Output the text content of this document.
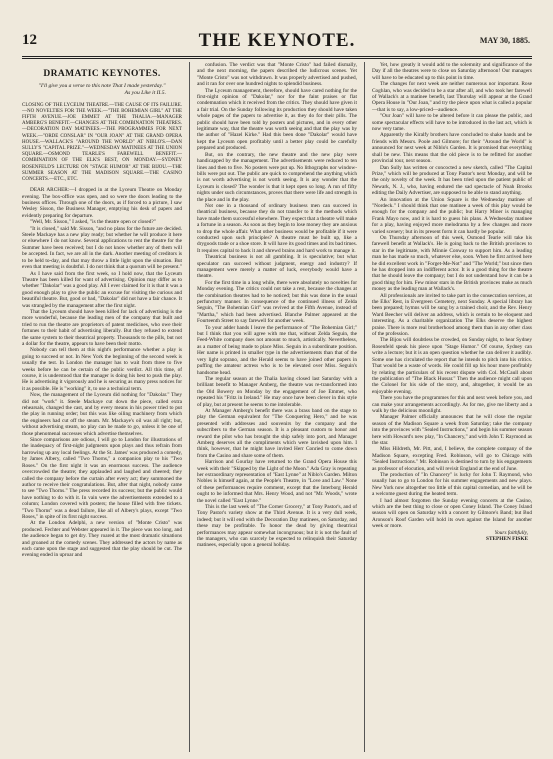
12	THE KEYNOTE.	MAY 30, 1885.
DRAMATIC KEYNOTES.
"I'll give you a verse to this note That I made yesterday."
As you Like it II.5.
CLOSING OF THE LYCEUM THEATRE.—THE CAUSE OF ITS FAILURE.—NO NOVELTIES FOR THE WEEK.—"THE BOHEMIAN GIRL" AT THE FIFTH AVENUE.—JOE EMMET AT THE THALIA.—MANAGER AMBERG'S BENEFIT.—CHANGES AT THE COMBINATION THEATRES.—DECORATION DAY MATINEES.—THE PROGRAMMES FOR NEXT WEEK.—"ORDE CONSLAR" IN "OUR JOAN" AT THE GRAND OPERA HOUSE.—WALLACK'S "AROUND THE WORLD" AT NIBLO'S.—DAN SULLY'S "CAPITAL PRIZE."—WEDNESDAY MATINEES AT THE UNION SQUARE.—OSMOND TEARLE'S FAREWELL BENEFIT.—COMBINATION OF THE ELK'S BEST, ON MONDAY.—SYDNEY ROSENFELD'S LECTURE ON "STAGE HUMOR" AT THE BIJOU.—THE SUMMER SEASON AT THE MADISON SQUARE.—THE CASINO CONCERTS.—ETC., ETC.

DEAR ARCHER:—I dropped in at the Lyceum Theatre on Monday evening. The box-office was open, and so were the doors leading to the business offices. Through one of the doors, as if forced to a picture, I saw Wesley Sisson, the Business Manager, emptying his desk of papers and evidently preparing for departure.

"Well, Mr. Sisson," I asked, "is the theatre open or closed?"

"It is closed," said Mr. Sisson, "and no plans for the future are decided. Steele Mackaye has a new play ready; but whether he will produce it here or elsewhere I do not know. Several applications to rent the theatre for the Summer have been received; but I do not know whether any of them will be accepted. In fact, we are all in the dark. Another meeting of creditors is to be held to-day, and that may throw a little light upon the situation. But even that meeting is doubtful. I do not think that a quorum will be present."

As I have said from the first week, so I hold now, that the Lyceum Theatre has been killed for want of advertising. Opinion may differ as to whether "Dakolar" was a good play. All I ever claimed for it is that it was a good enough play to give the public an excuse for visiting the curious and beautiful theatre. But, good or bad, "Dakolar" did not have a fair chance. It was strangled by the management after the first night.

That the Lyceum should have been killed for lack of advertising is the more wonderful, because the leading men of the company that built and tried to run the theatre are proprietors of patent medicines, who owe their fortunes to their habit of advertising liberally. But they refused to extend the same system to their theatrical property. Thousands to the pills, but not a dollar for the theatre, appears to have been their motto.

Nobody can tell them at this night's performance whether a play is going to succeed or not. In New York the beginning of the second week is usually the test. In London the manager has to wait from three to five weeks before he can be certain of the public verdict. All this time, of course, it is understood that the manager is doing his best to push the play. He is advertising it vigorously and he is securing as many press notices for it as possible. He is "working" it, to use a technical term.

Now, the management of the Lyceum did nothing for "Dakolar." They did not "work" it. Steele Mackaye cut down the piece, called extra rehearsals, changed the cast, and by every means in his power tried to put the play in running order; but this was like oiling machinery from which the engineers had cut off the steam. Mr. Mackaye's oil was all right; but, without advertising steam, no play can be made to go, unless it be one of those phenomenal successes which advertise themselves.

Since comparisons are odious, I will go to London for illustrations of the inadequacy of first-night judgments upon plays and thus refrain from harrowing up any local feelings. At the St. James' was produced a comedy, by James Albery, called "Two Thorns," a companion play to his "Two Roses." On the first night it was an enormous success. The audience overcrowded the theatre; they applauded and laughed and cheered; they called the company before the curtain after every act; they summoned the author to receive their congratulations. But, after that night, nobody came to see "Two Thorns." The press recorded its success; but the public would have nothing to do with it. In vain were the advertisements extended to a column; London covered with posters; the house filled with free tickets. "Two Thorns" was a dead failure, like all of Albery's plays, except "Two Roses," in spite of its first night success.

At the London Adelphi, a new version of "Monte Cristo" was produced. Fechter and Webster appeared in it. The piece was too long, and the audience began to get dry. They roared at the most dramatic situations and groaned at the comedy scenes. They addressed the actors by name as each came upon the stage and suggested that the play should be cut. The evening ended in uproar and

confusion. The verdict was that "Monte Cristo" had failed dismally, and the next morning, the papers described the ludicrous scenes. Yet "Monte Cristo" was not withdrawn. It was properly advertised and pushed, and it ran for over one hundred nights to splendid business.

The Lyceum management, therefore, should have cared nothing for the first-night opinion of "Dakolar," nor for the faint praises or flat condemnation which it received from the critics. They should have given it a fair trial. On the Sunday following its production they should have taken whole pages of the papers to advertise it, as they do for their pills. The public should have been told by posters and pictures, and in every other legitimate way, that the theatre was worth seeing and that the play was by the author of "Hazel Kirke." Had this been done "Dakolar" would have kept the Lyceum open profitably until a better play could be carefully prepared and produced.

But, on the contrary, the new theatre and the new play were handicapped by the management. The advertisements were reduced to ten lines and then to five. No posters were put up. No lithographs nor window-bills were put out. The public are quick to comprehend the anything which is not worth advertising is not worth seeing. It is any wonder that the Lyceum is closed? The wonder is that it kept open so long. A run of fifty nights under such circumstances, proves that there were life and strength in the place and in the play.

Not one in a thousand of ordinary business men can succeed in theatrical business, because they do not transfer to it the methods which have made them successful elsewhere. They expect that a theatre will make a fortune in a season. As soon as they begin to lose money they are anxious to drop the whole affair. What other business would be profitable if it were conducted upon such principles? A theatre must be built up, like a drygoods trade or a shoe store. It will have its good times and its bad times. It requires capital to back it and shrewd brains and hard work to manage it.

Theatrical business is not all gambling. It is speculative; but what speculator can succeed without judgment, energy and industry? If management were merely a matter of luck, everybody would have a theatre.

For the first time in a long while, there were absolutely no novelties for Monday evening. The critics could not take a rest, because the changes at the combination theatres had to be noticed; but this was done in the usual perfunctory manner. In consequence of the continued illness of Zelda Seguin, "The Bohemian Girl" was revived at the Fifth Avenue, instead of "Martha," which had been advertised. Blanche Palmer appeared at the Fourteenth Street to say farewell for another week.

To your adder hands I leave the performance of "The Bohemian Girl;" but I think that you will agree with me that, without Zelda Seguin, the Feed-White company does not amount to much, artistically. Nevertheless, as a matter of being made to place Miss. Seguin in a subordinate position. Her name is printed in smaller type in the advertisements than that of the very light soprano, and the Herald seems to have joined other papers in puffing the amateur actress who is to be elevated over Miss. Seguin's handsome head.

The regular season at the Thalia having closed last Saturday with a brilliant benefit to Manager Amberg, the theatre was re-transformed into the Old Bowery on Monday by the engagement of Joe Emmet, who repeated his "Fritz in Ireland." He may once have been clever in this style of play, but at present he seems to me intolerable.

At Manager Amberg's benefit there was a brass band on the stage to play the German equivalent for "The Conquering Hero," and he was presented with addresses and souvenirs by the company and the subscribers to the German season. It is a pleasant custom to honor and reward the pilot who has brought the ship safely into port, and Manager Amberg deserves all the compliments which were lavished upon him. I think, however, that he might have invited Herr Conried to come down from the Casino and share some of them.

Harrison and Gourlay have returned to the Grand Opera House this week with their "Skipped by the Light of the Moon." Ada Gray is repeating her extraordinary representation of "East Lynne" at Niblo's Garden. Milton Nobles is himself again, at the People's Theatre, in "Love and Law." None of these performances require comment, except that the Interborg Herald ought to be informed that Mrs. Henry Wood, and not "Mr. Woods," wrote the novel called "East Lynne."

This is the last week of "The Corner Grocery," at Tony Pastor's, and of Tony Pastor's variety show at the Third Avenue. It is a very dull week, indeed; but it will end with the Decoration Day matinees, on Saturday, and these may be profitable. To honor the dead by giving theatrical performances may appear somewhat incongruous; but it is not the fault of the managers, who can scarcely be expected to relinquish their Saturday matinees, especially upon a general holiday.

Yet, how greatly it would add to the solemnity and significance of the Day if all the theatres were to close on Saturday afternoon! Our managers will have to be educated up to this point in time.

The changes for next week are neither numerous nor important. Rose Coghlan, who was decided to be a star after all, and who took her farewell of Wallack's at a matinee benefit, last Thursday will appear at the Grand Opera House in "Our Joan," and try the piece upon what is called a popular—that is to say, a low-priced—audience.

"Our Joan" will have to be altered before it can please the public, and some spectacular effects will have to be introduced in the last act, which is now very tame.

Apparently the Kiralfy brothers have concluded to shake hands and be friends with Messrs. Poole and Gilmore; for their "Around the World" is announced for next week at Niblo's Garden. It is promised that everything shall be new. This means that the old piece is to be refitted for another provincial tour, next season.

Dan Sully has written or concocted a new sketch, called "The Capital Prize," which will be produced at Tony Pastor's next Monday, and will be the only novelty of the week. It has been tried upon the patient public of Newark, N. J., who, having endured the sad spectacle of Noah Brooks editing the Daily Advertiser, are supposed to be able to stand anything.

An innovation at the Union Square is the Wednesday matinee of "Nordeck." I should think that one matinee a week of this play would be enough for the company and the public; but Harry Miner is managing Frank Mayo now, and it is hard to guess his plans. A Wednesday matinee for a play, having enjoyed more melodrama by a few changes and more varied scenery; but in its present form it can hardly be popular.

On Thursday afternoon of this week, Osmond Tearle will take his farewell benefit at Wallack's. He is going back to the British provinces to star in the legitimate, with Minnie Conway to support him. As a leading man he has made so much, whatever else, soon. When he first arrived here he did excellent work in "Forget-Me-Not" and "The World;" but since then he has dropped into an indifferent actor. It is a good thing for the theatre that he should leave the company; but I do not understand how it can be a good thing for him. Few minor stars in the British provinces make as much money as the leading man at Wallack's.

All professionals are invited to take part in the consecration services, at the Elks' Rest, in Evergreen Cemetery, next Sunday. A special library has been prepared; hymns will be sung by a trained choir, and the Rev. Henry Ward Beecher will deliver an address, which is certain to be eloquent and interesting. As a charitable organization The Elks deserve the highest praise. There is more real brotherhood among them than in any other class of the profession.

The Bijou will doubtless be crowded, on Sunday night, to hear Sydney Rosenfeld speak his piece upon "Stage Humor." Of course, Sydney can write a lecture; but it is an open question whether he can deliver it audibly. Some one has circulated the report that he intends to pitch into his critics. That would be a waste of words. He could fill up his hour more profitably by relating the particulars of his recent dispute with Col. McCaull about the publication of "The Black Hussar." Then the audience might call upon the Colonel for his side of the story, and, altogether, it would be an enjoyable evening.

There you have the programmes for this and next week before you, and can make your arrangements accordingly. As for me, give me liberty and a walk by the delicious moonlight.

Manager Palmer officially announces that he will close the regular season of the Madison Square a week from Saturday; take the company into the provinces with "Sealed Instructions," and begin his summer season here with Howard's new play, "In Chancery," and with John T. Raymond as the star.

Miss Hildreth, Mr. Pitt, and, I believe, the complete company of the Madison Square, excepting Fred. Robinson, will go to Chicago with "Sealed Instructions." Mr. Robinson is destined to turn by his engagements as professor of elocution, and will revisit England at the end of June.

The production of "In Chancery" is lucky for John T. Raymond, who usually has to go to London for his summer engagements and new plays. New York now altogether too little of this capital comedian, and he will be a welcome guest during the heated term.

I had almost forgotten the Sunday evening concerts at the Casino, which are the best thing to close or open Coney Island. The Coney Island season will open on Saturday with a concert by Gilmore's Band; but Bud Aronson's Roof Garden will hold its own against the Island for another week or more.

Yours faithfully,

STEPHEN FISKE
